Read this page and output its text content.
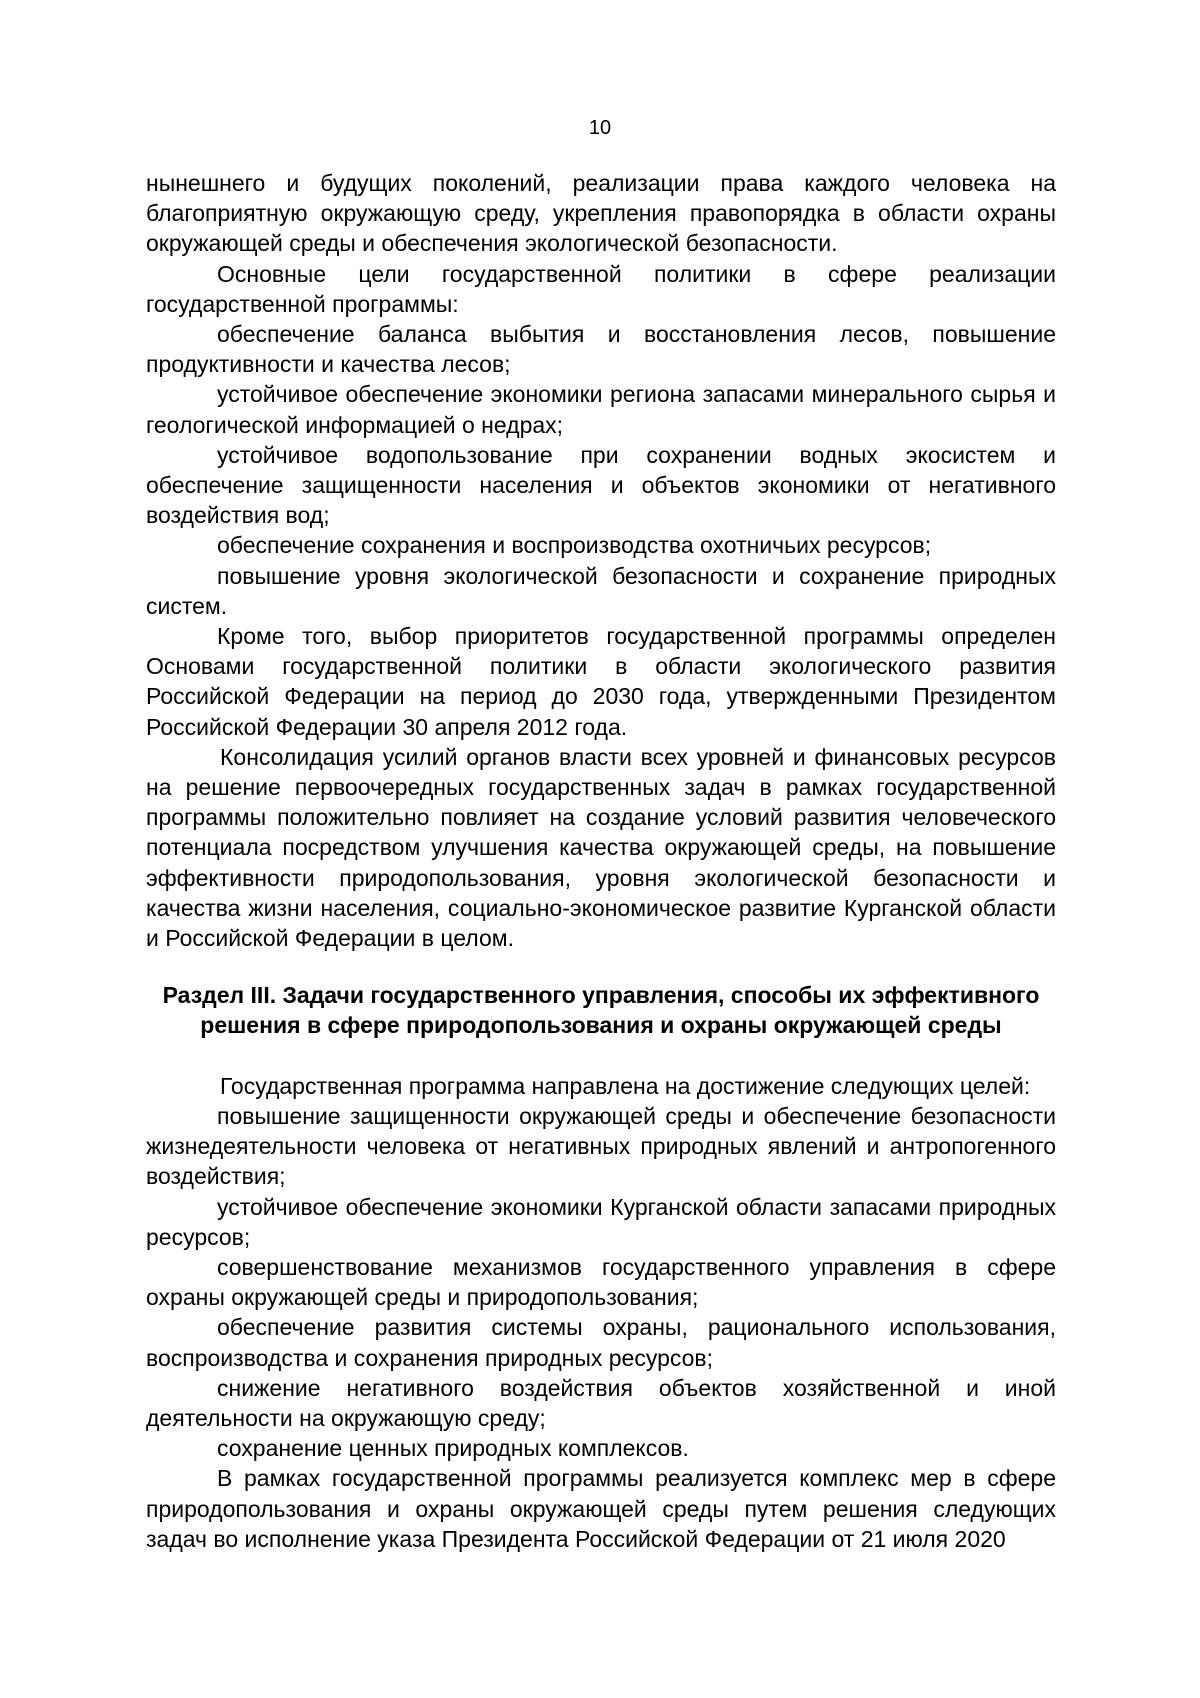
10

нынешнего и будущих поколений, реализации права каждого человека на благоприятную окружающую среду, укрепления правопорядка в области охраны окружающей среды и обеспечения экологической безопасности.

Основные цели государственной политики в сфере реализации государственной программы:

обеспечение баланса выбытия и восстановления лесов, повышение продуктивности и качества лесов;

устойчивое обеспечение экономики региона запасами минерального сырья и геологической информацией о недрах;

устойчивое водопользование при сохранении водных экосистем и обеспечение защищенности населения и объектов экономики от негативного воздействия вод;

обеспечение сохранения и воспроизводства охотничьих ресурсов;

повышение уровня экологической безопасности и сохранение природных систем.

Кроме того, выбор приоритетов государственной программы определен Основами государственной политики в области экологического развития Российской Федерации на период до 2030 года, утвержденными Президентом Российской Федерации 30 апреля 2012 года.

Консолидация усилий органов власти всех уровней и финансовых ресурсов на решение первоочередных государственных задач в рамках государственной программы положительно повлияет на создание условий развития человеческого потенциала посредством улучшения качества окружающей среды, на повышение эффективности природопользования, уровня экологической безопасности и качества жизни населения, социально-экономическое развитие Курганской области и Российской Федерации в целом.

Раздел III. Задачи государственного управления, способы их эффективного решения в сфере природопользования и охраны окружающей среды

Государственная программа направлена на достижение следующих целей:

повышение защищенности окружающей среды и обеспечение безопасности жизнедеятельности человека от негативных природных явлений и антропогенного воздействия;

устойчивое обеспечение экономики Курганской области запасами природных ресурсов;

совершенствование механизмов государственного управления в сфере охраны окружающей среды и природопользования;

обеспечение развития системы охраны, рационального использования, воспроизводства и сохранения природных ресурсов;

снижение негативного воздействия объектов хозяйственной и иной деятельности на окружающую среду;

сохранение ценных природных комплексов.

В рамках государственной программы реализуется комплекс мер в сфере природопользования и охраны окружающей среды путем решения следующих задач во исполнение указа Президента Российской Федерации от 21 июля 2020
